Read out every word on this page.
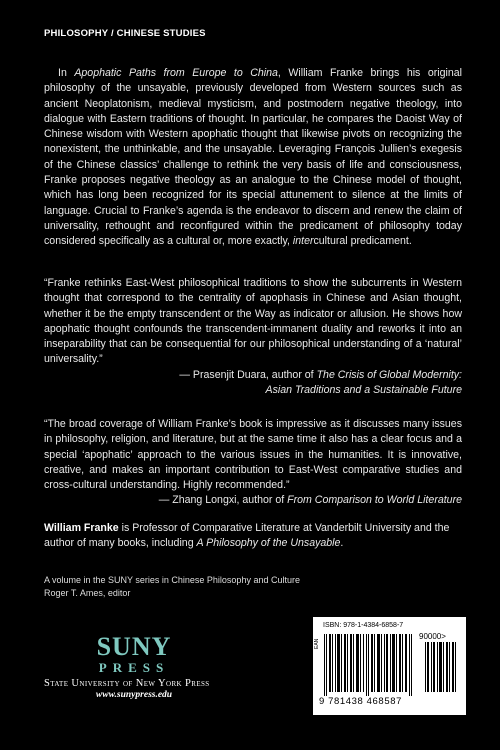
PHILOSOPHY / CHINESE STUDIES

In Apophatic Paths from Europe to China, William Franke brings his original philosophy of the unsayable, previously developed from Western sources such as ancient Neoplatonism, medieval mysticism, and postmodern negative theology, into dialogue with Eastern traditions of thought. In particular, he compares the Daoist Way of Chinese wisdom with Western apophatic thought that likewise pivots on recognizing the nonexistent, the unthinkable, and the unsayable. Leveraging François Jullien’s exegesis of the Chinese classics’ challenge to rethink the very basis of life and consciousness, Franke proposes negative theology as an analogue to the Chinese model of thought, which has long been recognized for its special attunement to silence at the limits of language. Crucial to Franke’s agenda is the endeavor to discern and renew the claim of universality, rethought and reconfigured within the predicament of philosophy today considered specifically as a cultural or, more exactly, intercultural predicament.

“Franke rethinks East-West philosophical traditions to show the subcurrents in Western thought that correspond to the centrality of apophasis in Chinese and Asian thought, whether it be the empty transcendent or the Way as indicator or allusion. He shows how apophatic thought confounds the transcendent-immanent duality and reworks it into an inseparability that can be consequential for our philosophical understanding of a ‘natural’ universality.”
— Prasenjit Duara, author of The Crisis of Global Modernity:
Asian Traditions and a Sustainable Future
“The broad coverage of William Franke’s book is impressive as it discusses many issues in philosophy, religion, and literature, but at the same time it also has a clear focus and a special ‘apophatic’ approach to the various issues in the humanities. It is innovative, creative, and makes an important contribution to East-West comparative studies and cross-cultural understanding. Highly recommended.”
— Zhang Longxi, author of From Comparison to World Literature

William Franke is Professor of Comparative Literature at Vanderbilt University and the author of many books, including A Philosophy of the Unsayable.

A volume in the SUNY series in Chinese Philosophy and Culture
Roger T. Ames, editor
SUNY
PRESS
State University of New York Press
www.sunypress.edu
ISBN: 978-1-4384-6858-7
EAN
90000>
9 781438 468587
